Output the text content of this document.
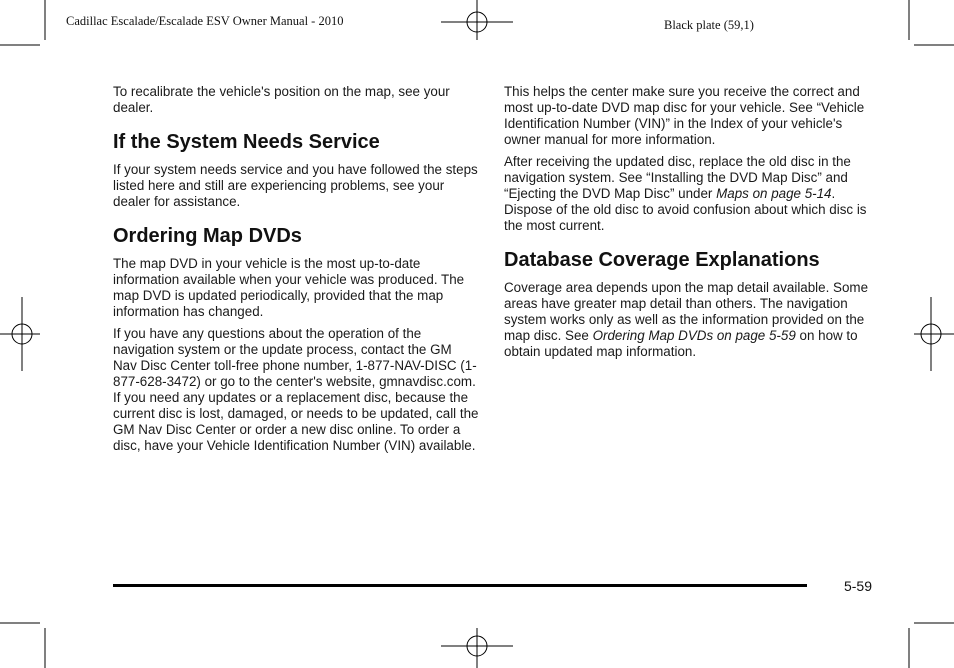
Cadillac Escalade/Escalade ESV Owner Manual - 2010	Black plate (59,1)

To recalibrate the vehicle's position on the map, see your dealer.

If the System Needs Service

If your system needs service and you have followed the steps listed here and still are experiencing problems, see your dealer for assistance.

Ordering Map DVDs

The map DVD in your vehicle is the most up-to-date information available when your vehicle was produced. The map DVD is updated periodically, provided that the map information has changed.

If you have any questions about the operation of the navigation system or the update process, contact the GM Nav Disc Center toll-free phone number, 1-877-NAV-DISC (1-877-628-3472) or go to the center's website, gmnavdisc.com. If you need any updates or a replacement disc, because the current disc is lost, damaged, or needs to be updated, call the GM Nav Disc Center or order a new disc online. To order a disc, have your Vehicle Identification Number (VIN) available.

This helps the center make sure you receive the correct and most up-to-date DVD map disc for your vehicle. See “Vehicle Identification Number (VIN)” in the Index of your vehicle's owner manual for more information.

After receiving the updated disc, replace the old disc in the navigation system. See “Installing the DVD Map Disc” and “Ejecting the DVD Map Disc” under Maps on page 5-14. Dispose of the old disc to avoid confusion about which disc is the most current.

Database Coverage Explanations

Coverage area depends upon the map detail available. Some areas have greater map detail than others. The navigation system works only as well as the information provided on the map disc. See Ordering Map DVDs on page 5-59 on how to obtain updated map information.

5-59
